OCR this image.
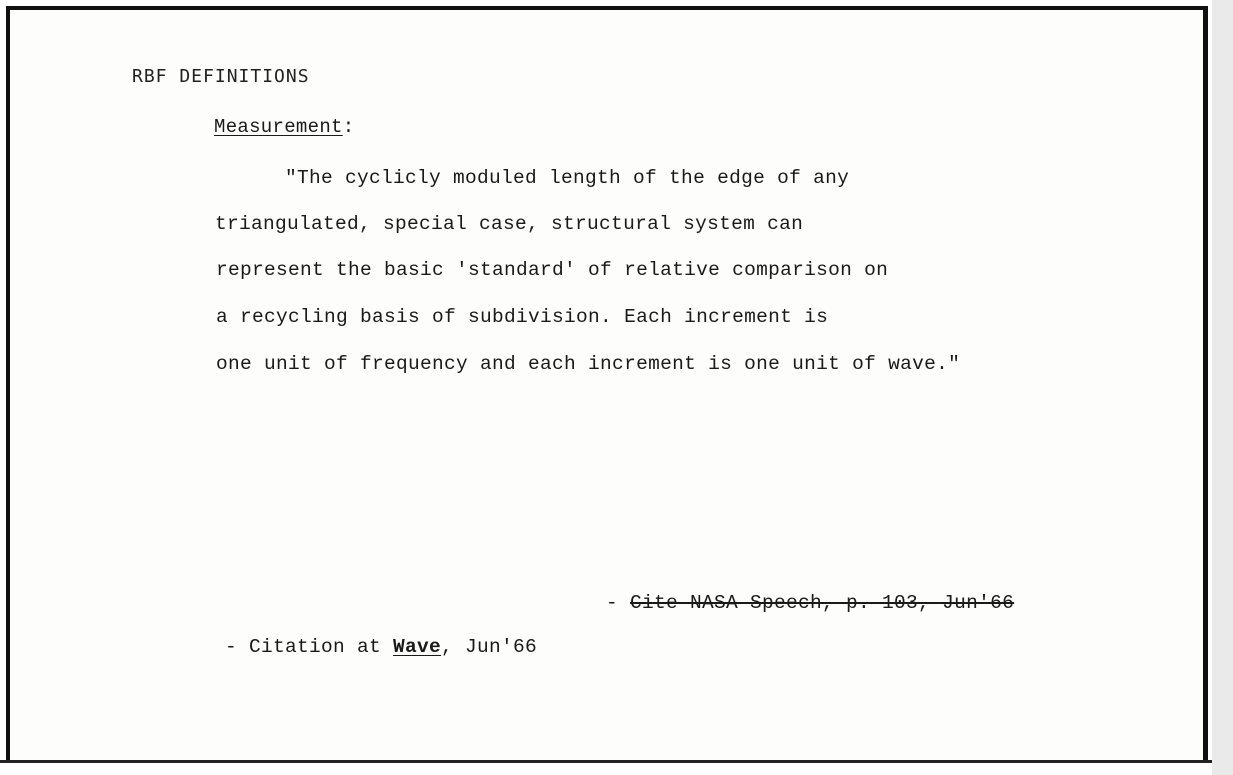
RBF DEFINITIONS
Measurement:
"The cyclicly moduled length of the edge of any
triangulated, special case, structural system can
represent the basic 'standard' of relative comparison on
a recycling basis of subdivision. Each increment is
one unit of frequency and each increment is one unit of wave."
- Cite NASA Speech, p. 103, Jun'66
- Citation at Wave, Jun'66
